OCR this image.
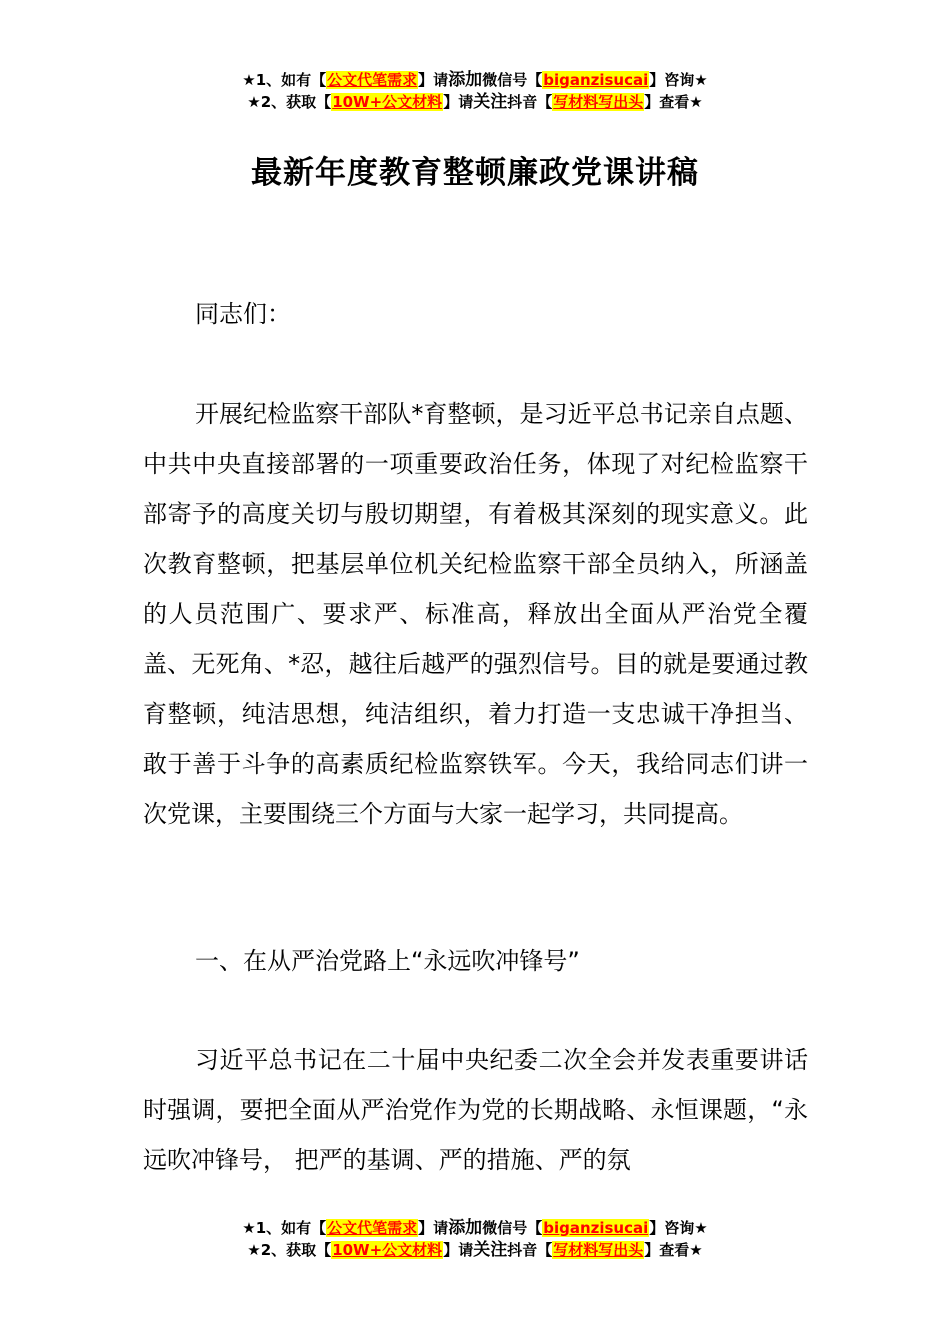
★1、如有【公文代笔需求】请添加微信号【biganzisucai】咨询★
★2、获取【10W+公文材料】请关注抖音【写材料写出头】查看★
最新年度教育整顿廉政党课讲稿
同志们：
开展纪检监察干部队*育整顿，是习近平总书记亲自点题、中共中央直接部署的一项重要政治任务，体现了对纪检监察干部寄予的高度关切与殷切期望，有着极其深刻的现实意义。此次教育整顿，把基层单位机关纪检监察干部全员纳入，所涵盖的人员范围广、要求严、标准高，释放出全面从严治党全覆盖、无死角、*忍，越往后越严的强烈信号。目的就是要通过教育整顿，纯洁思想，纯洁组织，着力打造一支忠诚干净担当、敢于善于斗争的高素质纪检监察铁军。今天，我给同志们讲一次党课，主要围绕三个方面与大家一起学习，共同提高。
一、在从严治党路上“永远吹冲锋号”
习近平总书记在二十届中央纪委二次全会并发表重要讲话时强调，要把全面从严治党作为党的长期战略、永恒课题，“永远吹冲锋号， 把严的基调、严的措施、严的氛
★1、如有【公文代笔需求】请添加微信号【biganzisucai】咨询★
★2、获取【10W+公文材料】请关注抖音【写材料写出头】查看★
